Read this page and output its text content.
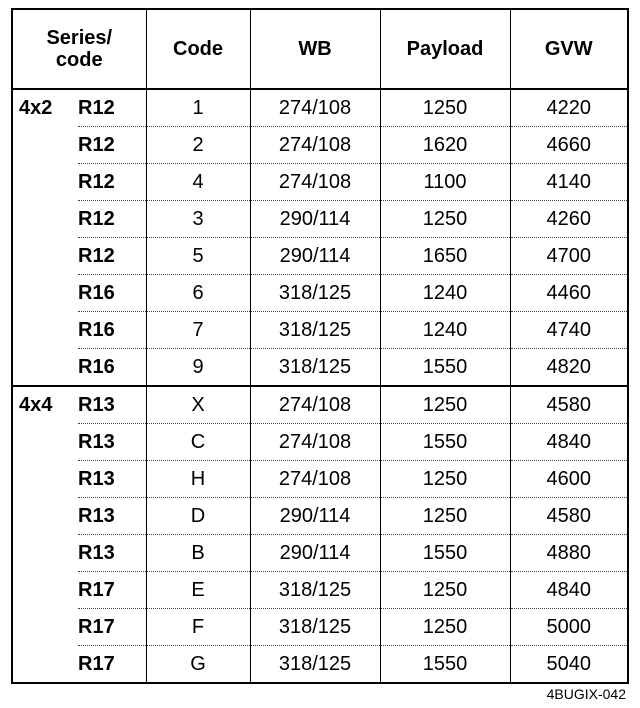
Series/
code		Code	WB	Payload	GVW
4x2	R12	1	274/108	1250	4220
	R12	2	274/108	1620	4660
	R12	4	274/108	1100	4140
	R12	3	290/114	1250	4260
	R12	5	290/114	1650	4700
	R16	6	318/125	1240	4460
	R16	7	318/125	1240	4740
	R16	9	318/125	1550	4820
4x4	R13	X	274/108	1250	4580
	R13	C	274/108	1550	4840
	R13	H	274/108	1250	4600
	R13	D	290/114	1250	4580
	R13	B	290/114	1550	4880
	R17	E	318/125	1250	4840
	R17	F	318/125	1250	5000
	R17	G	318/125	1550	5040
4BUGIX-042
